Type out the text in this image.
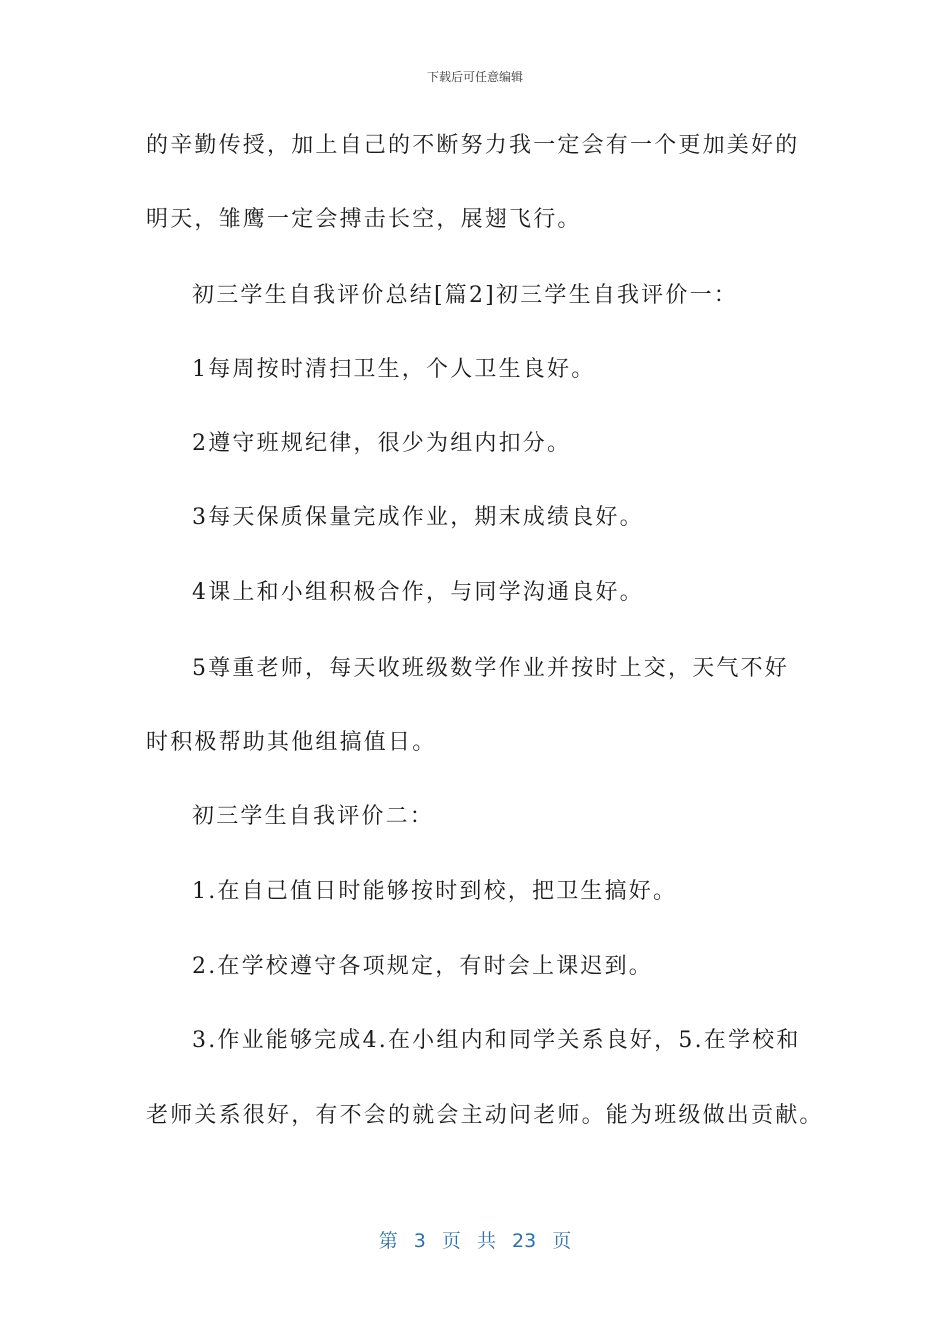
下载后可任意编辑
的辛勤传授，加上自己的不断努力我一定会有一个更加美好的
明天，雏鹰一定会搏击长空，展翅飞行。
初三学生自我评价总结[篇2]初三学生自我评价一：
1每周按时清扫卫生，个人卫生良好。
2遵守班规纪律，很少为组内扣分。
3每天保质保量完成作业，期末成绩良好。
4课上和小组积极合作，与同学沟通良好。
5尊重老师，每天收班级数学作业并按时上交，天气不好
时积极帮助其他组搞值日。
初三学生自我评价二：
1.在自己值日时能够按时到校，把卫生搞好。
2.在学校遵守各项规定，有时会上课迟到。
3.作业能够完成4.在小组内和同学关系良好，5.在学校和
老师关系很好，有不会的就会主动问老师。能为班级做出贡献。
第 3 页 共 23 页
